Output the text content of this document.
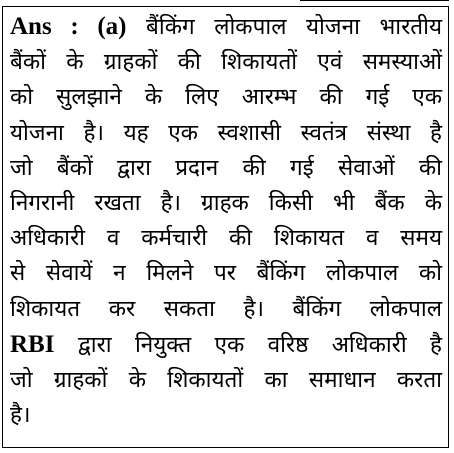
Ans : (a) बैंकिंग लोकपाल योजना भारतीय
बैंकों के ग्राहकों की शिकायतों एवं समस्याओं
को सुलझाने के लिए आरम्भ की गई एक
योजना है। यह एक स्वशासी स्वतंत्र संस्था है
जो बैंकों द्वारा प्रदान की गई सेवाओं की
निगरानी रखता है। ग्राहक किसी भी बैंक के
अधिकारी व कर्मचारी की शिकायत व समय
से सेवायें न मिलने पर बैंकिंग लोकपाल को
शिकायत कर सकता है। बैंकिंग लोकपाल
RBI द्वारा नियुक्त एक वरिष्ठ अधिकारी है
जो ग्राहकों के शिकायतों का समाधान करता
है।
